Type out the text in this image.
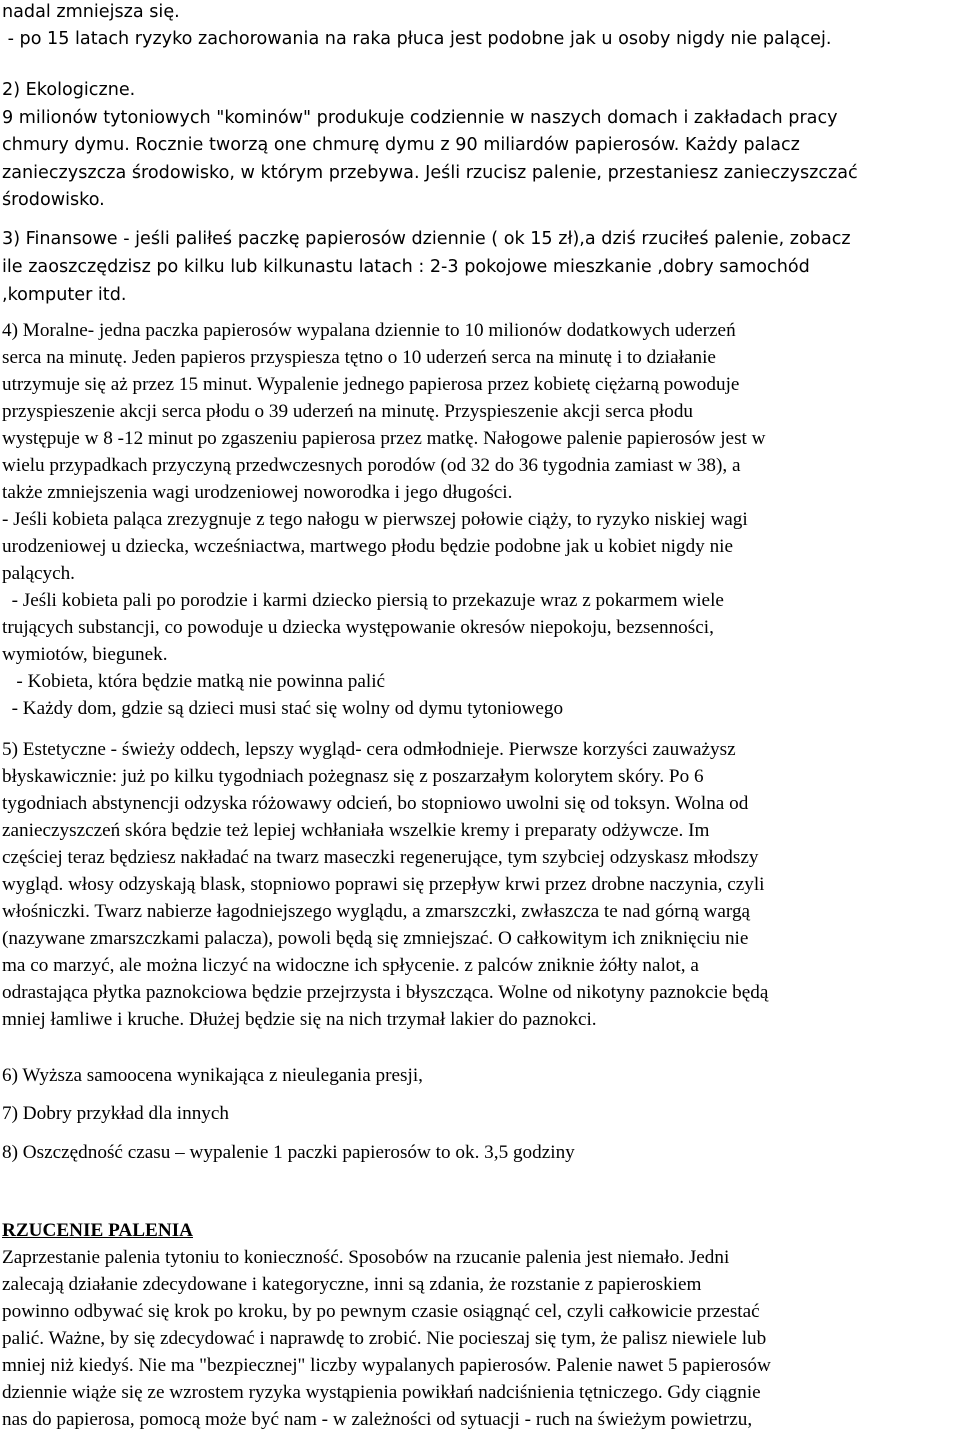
nadal zmniejsza się.
- po 15 latach ryzyko zachorowania na raka płuca jest podobne jak u osoby nigdy nie palącej.
2) Ekologiczne.
9 milionów tytoniowych "kominów" produkuje codziennie w naszych domach i zakładach pracy
chmury dymu. Rocznie tworzą one chmurę dymu z 90 miliardów papierosów. Każdy palacz
zanieczyszcza środowisko, w którym przebywa. Jeśli rzucisz palenie, przestaniesz zanieczyszczać
środowisko.
3) Finansowe - jeśli paliłeś paczkę papierosów dziennie ( ok 15 zł),a dziś rzuciłeś palenie, zobacz
ile zaoszczędzisz po kilku lub kilkunastu latach : 2-3 pokojowe mieszkanie ,dobry samochód
,komputer itd.
4) Moralne- jedna paczka papierosów wypalana dziennie to 10 milionów dodatkowych uderzeń
serca na minutę. Jeden papieros przyspiesza tętno o 10 uderzeń serca na minutę i to działanie
utrzymuje się aż przez 15 minut. Wypalenie jednego papierosa przez kobietę ciężarną powoduje
przyspieszenie akcji serca płodu o 39 uderzeń na minutę. Przyspieszenie akcji serca płodu
występuje w 8 -12 minut po zgaszeniu papierosa przez matkę. Nałogowe palenie papierosów jest w
wielu przypadkach przyczyną przedwczesnych porodów (od 32 do 36 tygodnia zamiast w 38), a
także zmniejszenia wagi urodzeniowej noworodka i jego długości.
- Jeśli kobieta paląca zrezygnuje z tego nałogu w pierwszej połowie ciąży, to ryzyko niskiej wagi
urodzeniowej u dziecka, wcześniactwa, martwego płodu będzie podobne jak u kobiet nigdy nie
palących.
- Jeśli kobieta pali po porodzie i karmi dziecko piersią to przekazuje wraz z pokarmem wiele
trujących substancji, co powoduje u dziecka występowanie okresów niepokoju, bezsenności,
wymiotów, biegunek.
- Kobieta, która będzie matką nie powinna palić
- Każdy dom, gdzie są dzieci musi stać się wolny od dymu tytoniowego
5) Estetyczne - świeży oddech, lepszy wygląd- cera odmłodnieje. Pierwsze korzyści zauważysz
błyskawicznie: już po kilku tygodniach pożegnasz się z poszarzałym kolorytem skóry. Po 6
tygodniach abstynencji odzyska różowawy odcień, bo stopniowo uwolni się od toksyn. Wolna od
zanieczyszczeń skóra będzie też lepiej wchłaniała wszelkie kremy i preparaty odżywcze. Im
częściej teraz będziesz nakładać na twarz maseczki regenerujące, tym szybciej odzyskasz młodszy
wygląd. włosy odzyskają blask, stopniowo poprawi się przepływ krwi przez drobne naczynia, czyli
włośniczki. Twarz nabierze łagodniejszego wyglądu, a zmarszczki, zwłaszcza te nad górną wargą
(nazywane zmarszczkami palacza), powoli będą się zmniejszać. O całkowitym ich zniknięciu nie
ma co marzyć, ale można liczyć na widoczne ich spłycenie. z palców zniknie żółty nalot, a
odrastająca płytka paznokciowa będzie przejrzysta i błyszcząca. Wolne od nikotyny paznokcie będą
mniej łamliwe i kruche. Dłużej będzie się na nich trzymał lakier do paznokci.
6) Wyższa samoocena wynikająca z nieulegania presji,
7) Dobry przykład dla innych
8) Oszczędność czasu – wypalenie 1 paczki papierosów to ok. 3,5 godziny
RZUCENIE PALENIA
Zaprzestanie palenia tytoniu to konieczność. Sposobów na rzucanie palenia jest niemało. Jedni
zalecają działanie zdecydowane i kategoryczne, inni są zdania, że rozstanie z papieroskiem
powinno odbywać się krok po kroku, by po pewnym czasie osiągnąć cel, czyli całkowicie przestać
palić. Ważne, by się zdecydować i naprawdę to zrobić. Nie pocieszaj się tym, że palisz niewiele lub
mniej niż kiedyś. Nie ma "bezpiecznej" liczby wypalanych papierosów. Palenie nawet 5 papierosów
dziennie wiąże się ze wzrostem ryzyka wystąpienia powikłań nadciśnienia tętniczego. Gdy ciągnie
nas do papierosa, pomocą może być nam - w zależności od sytuacji - ruch na świeżym powietrzu,
